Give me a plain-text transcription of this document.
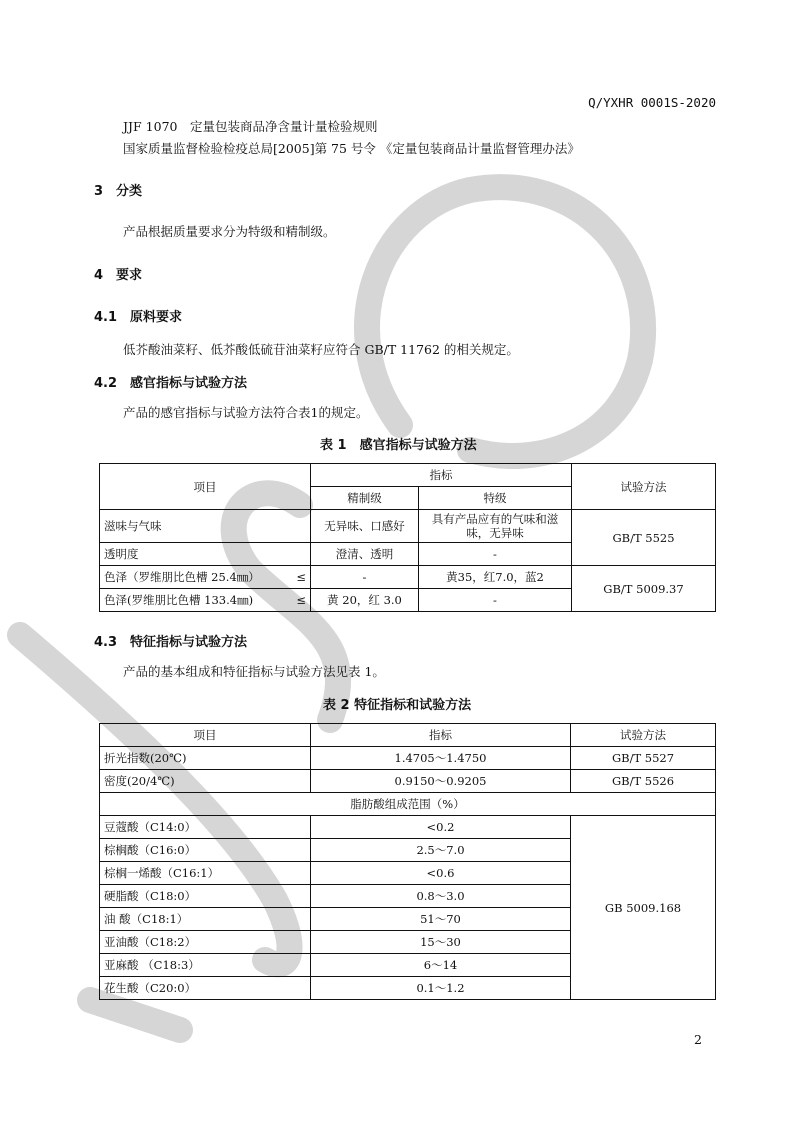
Q/YXHR 0001S-2020
JJF 1070　定量包装商品净含量计量检验规则
国家质量监督检验检疫总局[2005]第 75 号令 《定量包装商品计量监督管理办法》
3　分类
产品根据质量要求分为特级和精制级。
4　要求
4.1　原料要求
低芥酸油菜籽、低芥酸低硫苷油菜籽应符合 GB/T 11762 的相关规定。
4.2　感官指标与试验方法
产品的感官指标与试验方法符合表1的规定。
表 1　感官指标与试验方法
项目	指标		试验方法
	精制级	特级	
滋味与气味	无异味、口感好	具有产品应有的气味和滋味，无异味	GB/T 5525
透明度	澄清、透明	-	
色泽（罗维朋比色槽 25.4㎜） ≤	-	黄35，红7.0，蓝2	GB/T 5009.37
色泽(罗维朋比色槽 133.4㎜) ≤	黄 20，红 3.0	-	
4.3　特征指标与试验方法
产品的基本组成和特征指标与试验方法见表 1。
表 2 特征指标和试验方法
项目	指标	试验方法
折光指数(20℃)	1.4705～1.4750	GB/T 5527
密度(20/4℃)	0.9150～0.9205	GB/T 5526
脂肪酸组成范围（%）		
豆蔻酸（C14:0）	<0.2	GB 5009.168
棕榈酸（C16:0）	2.5～7.0	
棕榈一烯酸（C16:1）	<0.6	
硬脂酸（C18:0）	0.8～3.0	
油 酸（C18:1）	51～70	
亚油酸（C18:2）	15～30	
亚麻酸 （C18:3）	6～14	
花生酸（C20:0）	0.1～1.2	
2
